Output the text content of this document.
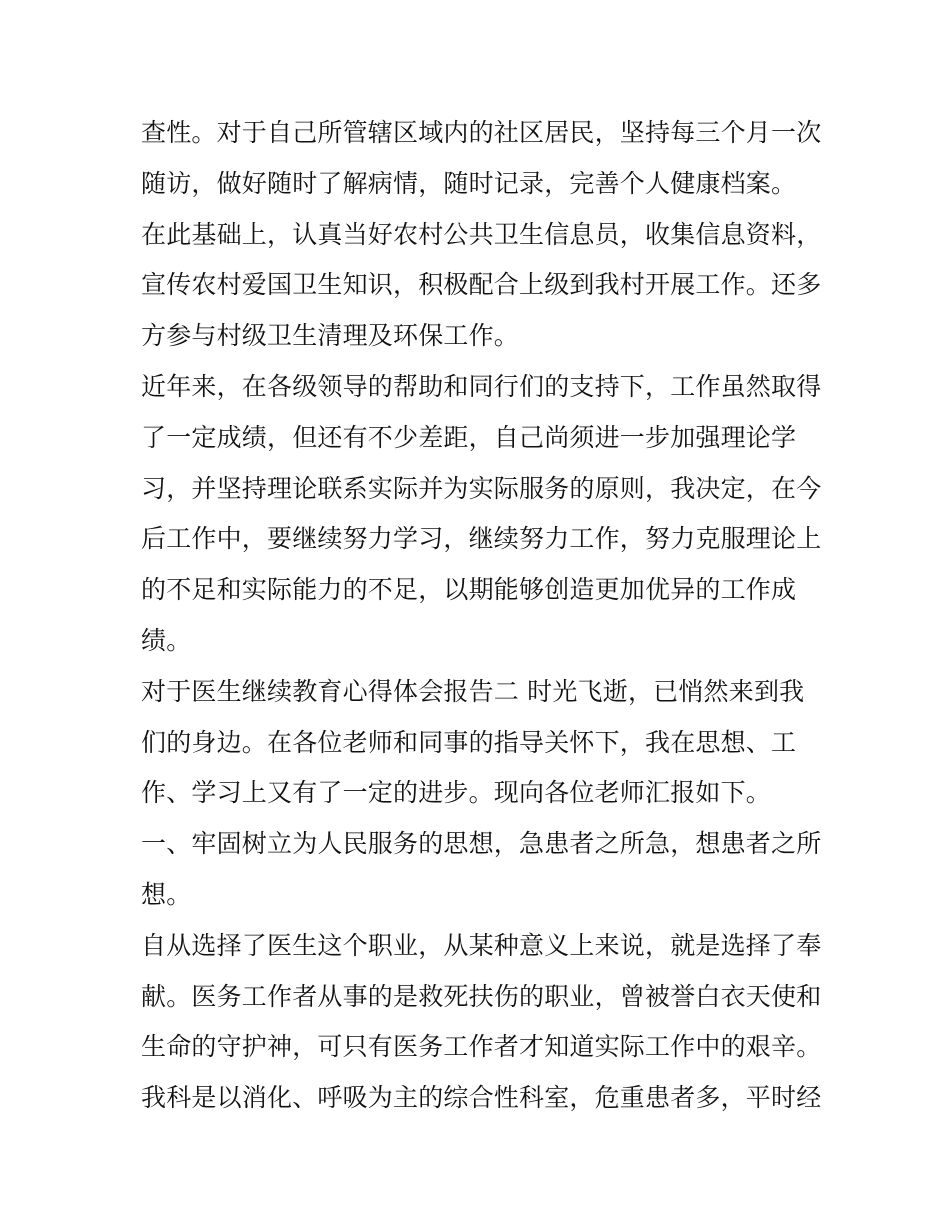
查性。对于自己所管辖区域内的社区居民，坚持每三个月一次
随访，做好随时了解病情，随时记录，完善个人健康档案。
在此基础上，认真当好农村公共卫生信息员，收集信息资料，
宣传农村爱国卫生知识，积极配合上级到我村开展工作。还多
方参与村级卫生清理及环保工作。
近年来，在各级领导的帮助和同行们的支持下，工作虽然取得
了一定成绩，但还有不少差距，自己尚须进一步加强理论学
习，并坚持理论联系实际并为实际服务的原则，我决定，在今
后工作中，要继续努力学习，继续努力工作，努力克服理论上
的不足和实际能力的不足，以期能够创造更加优异的工作成
绩。
对于医生继续教育心得体会报告二 时光飞逝，已悄然来到我
们的身边。在各位老师和同事的指导关怀下，我在思想、工
作、学习上又有了一定的进步。现向各位老师汇报如下。
一、牢固树立为人民服务的思想，急患者之所急，想患者之所
想。
自从选择了医生这个职业，从某种意义上来说，就是选择了奉
献。医务工作者从事的是救死扶伤的职业，曾被誉白衣天使和
生命的守护神，可只有医务工作者才知道实际工作中的艰辛。
我科是以消化、呼吸为主的综合性科室，危重患者多，平时经
